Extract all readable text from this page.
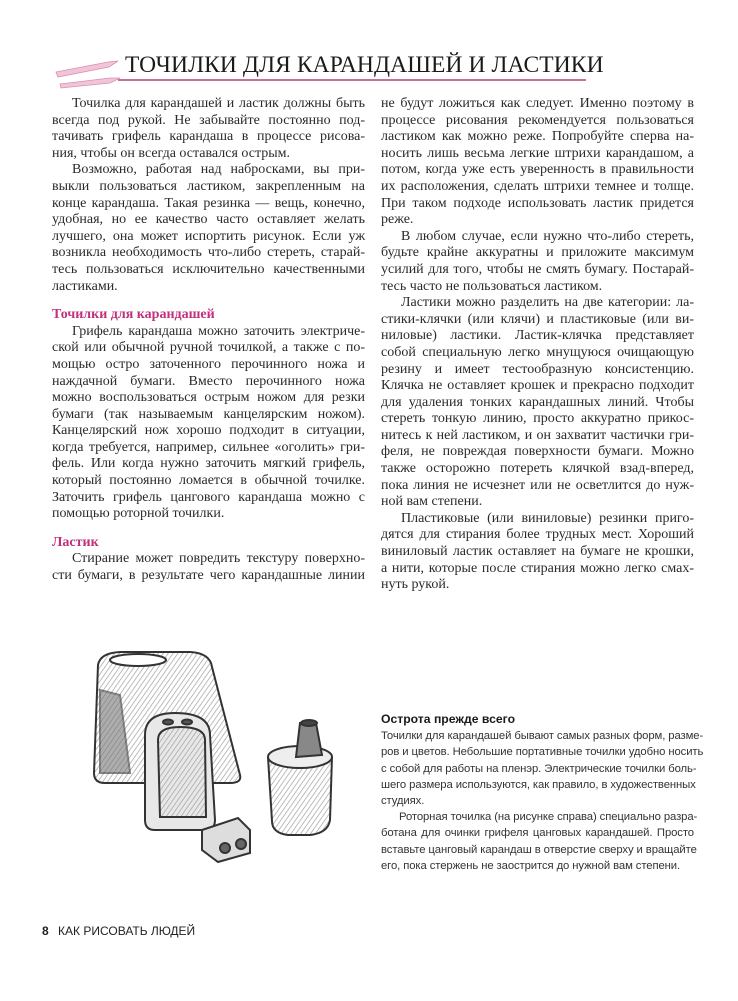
ТОЧИЛКИ ДЛЯ КАРАНДАШЕЙ И ЛАСТИКИ
Точилка для карандашей и ластик должны быть
всегда под рукой. Не забывайте постоянно под-
тачивать грифель карандаша в процессе рисова-
ния, чтобы он всегда оставался острым.
Возможно, работая над набросками, вы при-
выкли пользоваться ластиком, закрепленным на
конце карандаша. Такая резинка — вещь, конечно,
удобная, но ее качество часто оставляет желать
лучшего, она может испортить рисунок. Если уж
возникла необходимость что-либо стереть, старай-
тесь пользоваться исключительно качественными
ластиками.
Точилки для карандашей
Грифель карандаша можно заточить электриче-
ской или обычной ручной точилкой, а также с по-
мощью остро заточенного перочинного ножа и
наждачной бумаги. Вместо перочинного ножа
можно воспользоваться острым ножом для резки
бумаги (так называемым канцелярским ножом).
Канцелярский нож хорошо подходит в ситуации,
когда требуется, например, сильнее «оголить» гри-
фель. Или когда нужно заточить мягкий грифель,
который постоянно ломается в обычной точилке.
Заточить грифель цангового карандаша можно с
помощью роторной точилки.
Ластик
Стирание может повредить текстуру поверхно-
сти бумаги, в результате чего карандашные линии
не будут ложиться как следует. Именно поэтому в
процессе рисования рекомендуется пользоваться
ластиком как можно реже. Попробуйте сперва на-
носить лишь весьма легкие штрихи карандашом, а
потом, когда уже есть уверенность в правильности
их расположения, сделать штрихи темнее и толще.
При таком подходе использовать ластик придется
реже.
В любом случае, если нужно что-либо стереть,
будьте крайне аккуратны и приложите максимум
усилий для того, чтобы не смять бумагу. Постарай-
тесь часто не пользоваться ластиком.
Ластики можно разделить на две категории: ла-
стики-клячки (или клячи) и пластиковые (или ви-
ниловые) ластики. Ластик-клячка представляет
собой специальную легко мнущуюся очищающую
резину и имеет тестообразную консистенцию.
Клячка не оставляет крошек и прекрасно подходит
для удаления тонких карандашных линий. Чтобы
стереть тонкую линию, просто аккуратно прикос-
нитесь к ней ластиком, и он захватит частички гри-
феля, не повреждая поверхности бумаги. Можно
также осторожно потереть клячкой взад-вперед,
пока линия не исчезнет или не осветлится до нуж-
ной вам степени.
Пластиковые (или виниловые) резинки приго-
дятся для стирания более трудных мест. Хороший
виниловый ластик оставляет на бумаге не крошки,
а нити, которые после стирания можно легко смах-
нуть рукой.
Острота прежде всего
Точилки для карандашей бывают самых разных форм, разме-
ров и цветов. Небольшие портативные точилки удобно носить
с собой для работы на пленэр. Электрические точилки боль-
шего размера используются, как правило, в художественных
студиях.
Роторная точилка (на рисунке справа) специально разра-
ботана для очинки грифеля цанговых карандашей. Просто
вставьте цанговый карандаш в отверстие сверху и вращайте
его, пока стержень не заострится до нужной вам степени.
8 КАК РИСОВАТЬ ЛЮДЕЙ
